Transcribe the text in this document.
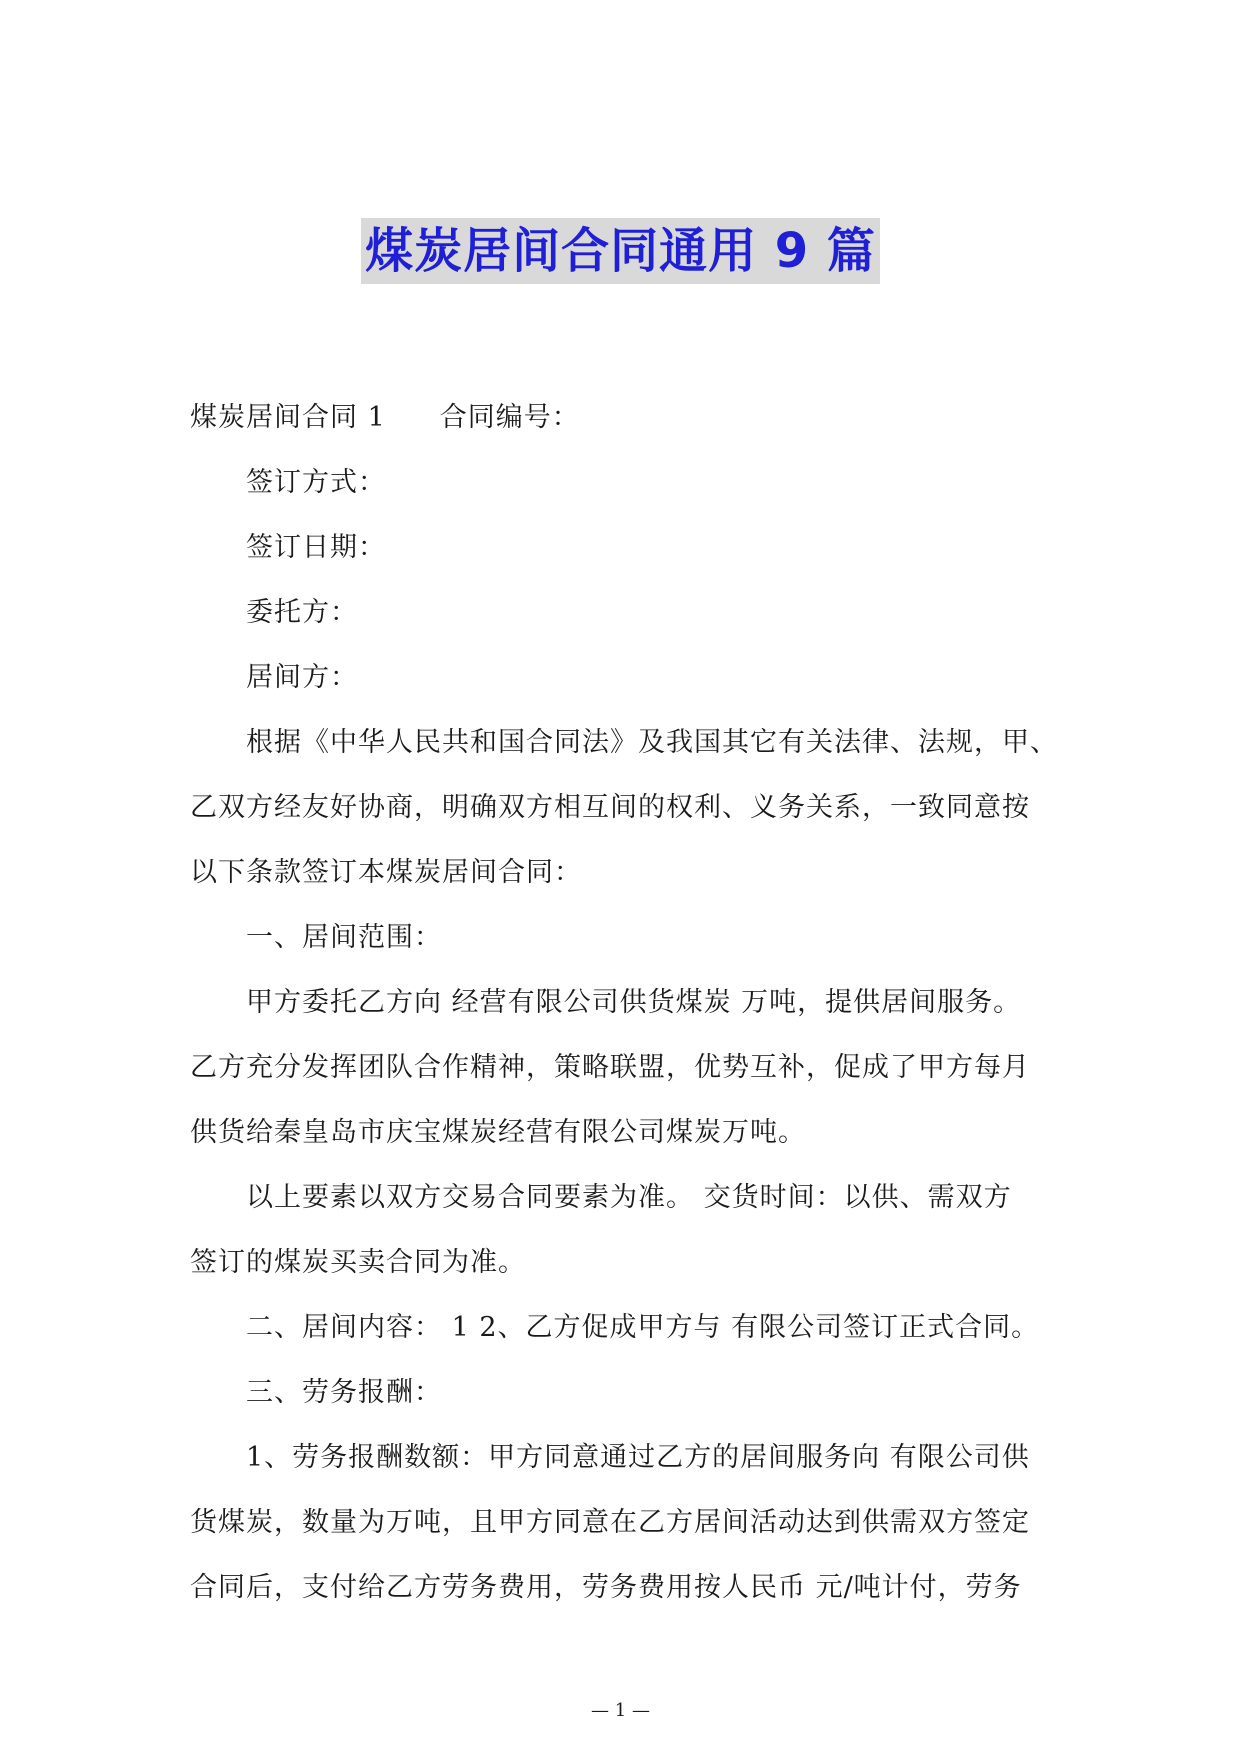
煤炭居间合同通用 9 篇
煤炭居间合同 1 合同编号：
签订方式：
签订日期：
委托方：
居间方：
根据《中华人民共和国合同法》及我国其它有关法律、法规，甲、
乙双方经友好协商，明确双方相互间的权利、义务关系，一致同意按
以下条款签订本煤炭居间合同：
一、居间范围：
甲方委托乙方向 经营有限公司供货煤炭 万吨，提供居间服务。
乙方充分发挥团队合作精神，策略联盟，优势互补，促成了甲方每月
供货给秦皇岛市庆宝煤炭经营有限公司煤炭万吨。
以上要素以双方交易合同要素为准。 交货时间：以供、需双方
签订的煤炭买卖合同为准。
二、居间内容： 1 2、乙方促成甲方与 有限公司签订正式合同。
三、劳务报酬：
1、劳务报酬数额：甲方同意通过乙方的居间服务向 有限公司供
货煤炭，数量为万吨，且甲方同意在乙方居间活动达到供需双方签定
合同后，支付给乙方劳务费用，劳务费用按人民币 元/吨计付，劳务
— 1 —
